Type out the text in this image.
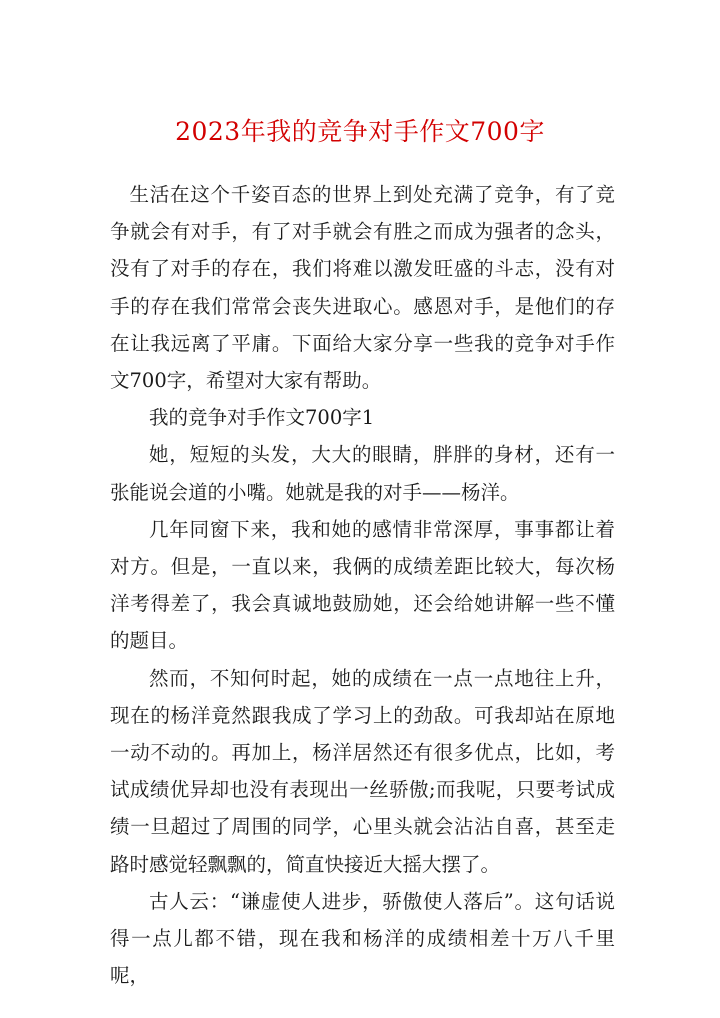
2023年我的竞争对手作文700字

生活在这个千姿百态的世界上到处充满了竞争，有了竞争就会有对手，有了对手就会有胜之而成为强者的念头，没有了对手的存在，我们将难以激发旺盛的斗志，没有对手的存在我们常常会丧失进取心。感恩对手，是他们的存在让我远离了平庸。下面给大家分享一些我的竞争对手作文700字，希望对大家有帮助。

我的竞争对手作文700字1

她，短短的头发，大大的眼睛，胖胖的身材，还有一张能说会道的小嘴。她就是我的对手——杨洋。

几年同窗下来，我和她的感情非常深厚，事事都让着对方。但是，一直以来，我俩的成绩差距比较大，每次杨洋考得差了，我会真诚地鼓励她，还会给她讲解一些不懂的题目。

然而，不知何时起，她的成绩在一点一点地往上升，现在的杨洋竟然跟我成了学习上的劲敌。可我却站在原地一动不动的。再加上，杨洋居然还有很多优点，比如，考试成绩优异却也没有表现出一丝骄傲;而我呢，只要考试成绩一旦超过了周围的同学，心里头就会沾沾自喜，甚至走路时感觉轻飘飘的，简直快接近大摇大摆了。

古人云：“谦虚使人进步，骄傲使人落后”。这句话说得一点儿都不错，现在我和杨洋的成绩相差十万八千里呢，
